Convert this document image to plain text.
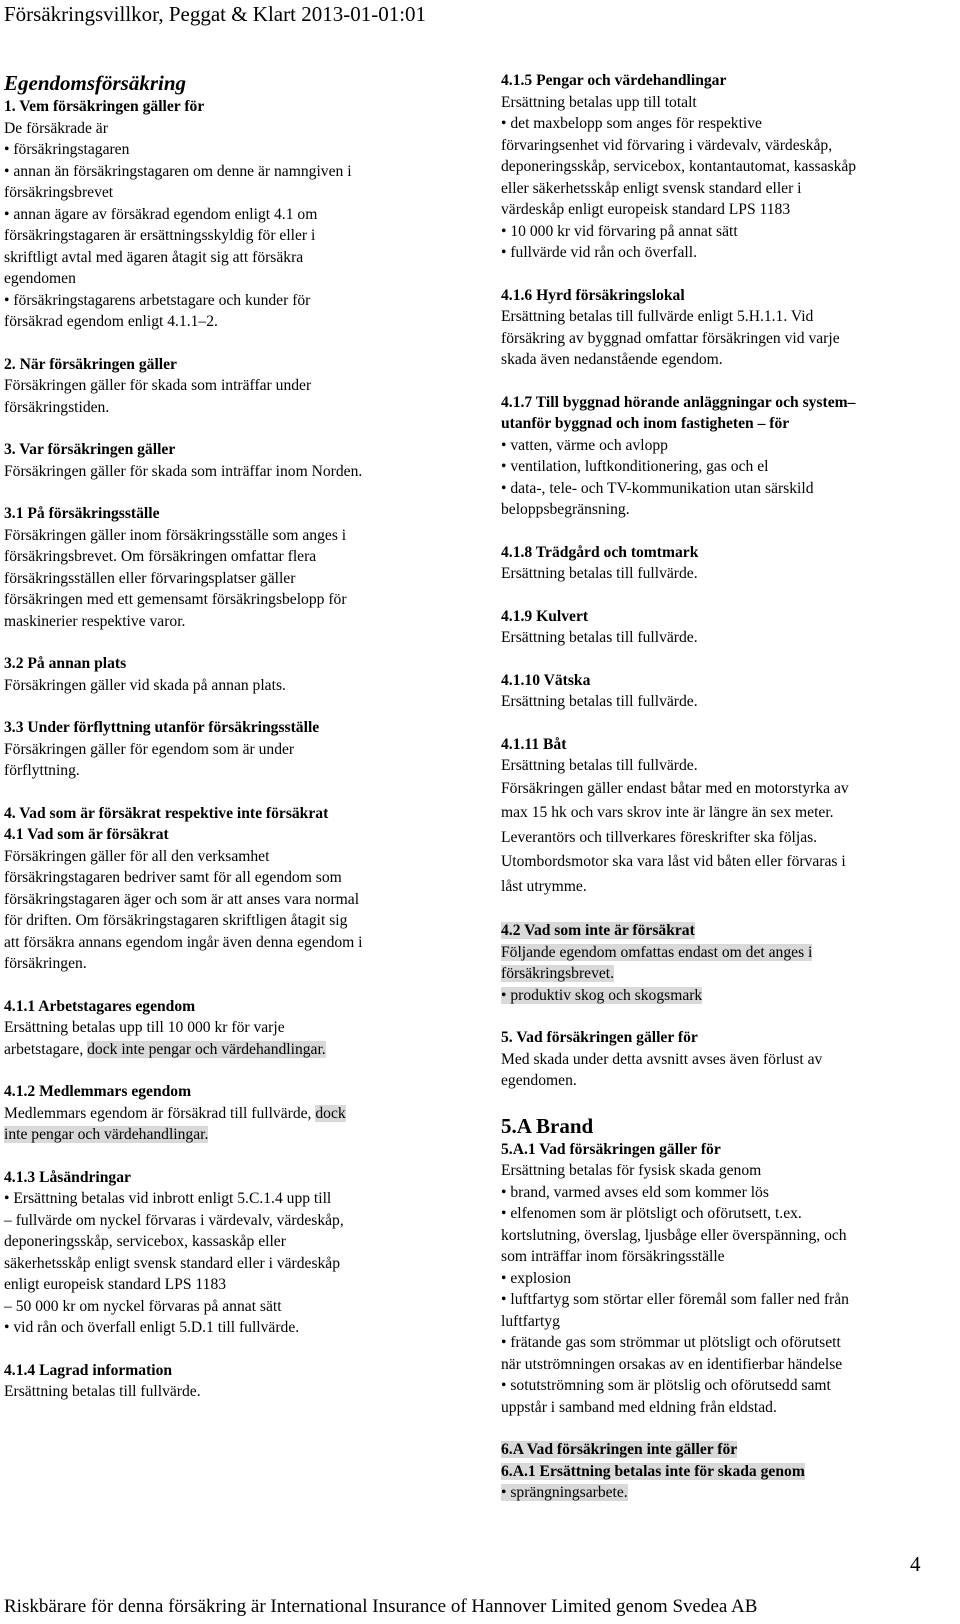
Försäkringsvillkor, Peggat & Klart 2013-01-01:01
Egendomsförsäkring
1. Vem försäkringen gäller för
De försäkrade är
• försäkringstagaren
• annan än försäkringstagaren om denne är namngiven i
försäkringsbrevet
• annan ägare av försäkrad egendom enligt 4.1 om
försäkringstagaren är ersättningsskyldig för eller i
skriftligt avtal med ägaren åtagit sig att försäkra
egendomen
• försäkringstagarens arbetstagare och kunder för
försäkrad egendom enligt 4.1.1–2.
2. När försäkringen gäller
Försäkringen gäller för skada som inträffar under
försäkringstiden.
3. Var försäkringen gäller
Försäkringen gäller för skada som inträffar inom Norden.
3.1 På försäkringsställe
Försäkringen gäller inom försäkringsställe som anges i
försäkringsbrevet. Om försäkringen omfattar flera
försäkringsställen eller förvaringsplatser gäller
försäkringen med ett gemensamt försäkringsbelopp för
maskinerier respektive varor.
3.2 På annan plats
Försäkringen gäller vid skada på annan plats.
3.3 Under förflyttning utanför försäkringsställe
Försäkringen gäller för egendom som är under
förflyttning.
4. Vad som är försäkrat respektive inte försäkrat
4.1 Vad som är försäkrat
Försäkringen gäller för all den verksamhet
försäkringstagaren bedriver samt för all egendom som
försäkringstagaren äger och som är att anses vara normal
för driften. Om försäkringstagaren skriftligen åtagit sig
att försäkra annans egendom ingår även denna egendom i
försäkringen.
4.1.1 Arbetstagares egendom
Ersättning betalas upp till 10 000 kr för varje
arbetstagare, dock inte pengar och värdehandlingar.
4.1.2 Medlemmars egendom
Medlemmars egendom är försäkrad till fullvärde, dock
inte pengar och värdehandlingar.
4.1.3 Låsändringar
• Ersättning betalas vid inbrott enligt 5.C.1.4 upp till
– fullvärde om nyckel förvaras i värdevalv, värdeskåp,
deponeringsskåp, servicebox, kassaskåp eller
säkerhetsskåp enligt svensk standard eller i värdeskåp
enligt europeisk standard LPS 1183
– 50 000 kr om nyckel förvaras på annat sätt
• vid rån och överfall enligt 5.D.1 till fullvärde.
4.1.4 Lagrad information
Ersättning betalas till fullvärde.
4.1.5 Pengar och värdehandlingar
Ersättning betalas upp till totalt
• det maxbelopp som anges för respektive
förvaringsenhet vid förvaring i värdevalv, värdeskåp,
deponeringsskåp, servicebox, kontantautomat, kassaskåp
eller säkerhetsskåp enligt svensk standard eller i
värdeskåp enligt europeisk standard LPS 1183
• 10 000 kr vid förvaring på annat sätt
• fullvärde vid rån och överfall.
4.1.6 Hyrd försäkringslokal
Ersättning betalas till fullvärde enligt 5.H.1.1. Vid
försäkring av byggnad omfattar försäkringen vid varje
skada även nedanstående egendom.
4.1.7 Till byggnad hörande anläggningar och system–
utanför byggnad och inom fastigheten – för
• vatten, värme och avlopp
• ventilation, luftkonditionering, gas och el
• data-, tele- och TV-kommunikation utan särskild
beloppsbegränsning.
4.1.8 Trädgård och tomtmark
Ersättning betalas till fullvärde.
4.1.9 Kulvert
Ersättning betalas till fullvärde.
4.1.10 Vätska
Ersättning betalas till fullvärde.
4.1.11 Båt
Ersättning betalas till fullvärde.
Försäkringen gäller endast båtar med en motorstyrka av
max 15 hk och vars skrov inte är längre än sex meter.
Leverantörs och tillverkares föreskrifter ska följas.
Utombordsmotor ska vara låst vid båten eller förvaras i
låst utrymme.
4.2 Vad som inte är försäkrat
Följande egendom omfattas endast om det anges i
försäkringsbrevet.
• produktiv skog och skogsmark
5. Vad försäkringen gäller för
Med skada under detta avsnitt avses även förlust av
egendomen.
5.A Brand
5.A.1 Vad försäkringen gäller för
Ersättning betalas för fysisk skada genom
• brand, varmed avses eld som kommer lös
• elfenomen som är plötsligt och oförutsett, t.ex.
kortslutning, överslag, ljusbåge eller överspänning, och
som inträffar inom försäkringsställe
• explosion
• luftfartyg som störtar eller föremål som faller ned från
luftfartyg
• frätande gas som strömmar ut plötsligt och oförutsett
när utströmningen orsakas av en identifierbar händelse
• sotutströmning som är plötslig och oförutsedd samt
uppstår i samband med eldning från eldstad.
6.A Vad försäkringen inte gäller för
6.A.1 Ersättning betalas inte för skada genom
• sprängningsarbete.
4
Riskbärare för denna försäkring är International Insurance of Hannover Limited genom Svedea AB
